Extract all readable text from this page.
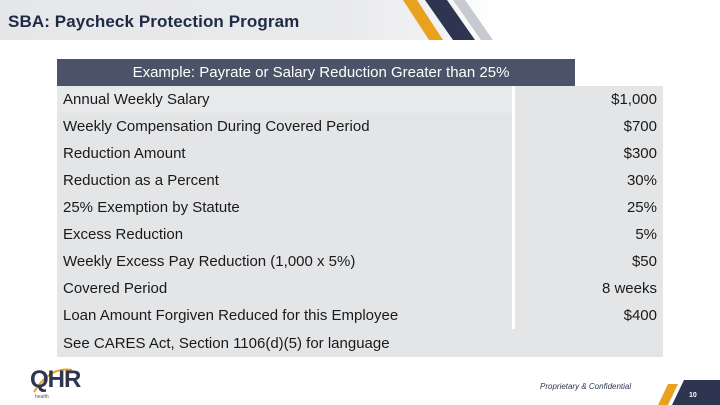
SBA: Paycheck Protection Program
Example: Payrate or Salary Reduction Greater than 25%
Annual Weekly Salary	$1,000
Weekly Compensation During Covered Period	$700
Reduction Amount	$300
Reduction as a Percent	30%
25% Exemption by Statute	25%
Excess Reduction	5%
Weekly Excess Pay Reduction (1,000 x 5%)	$50
Covered Period	8 weeks
Loan Amount Forgiven Reduced for this Employee	$400
See CARES Act, Section 1106(d)(5) for language
QHR
health
Proprietary & Confidential
10
